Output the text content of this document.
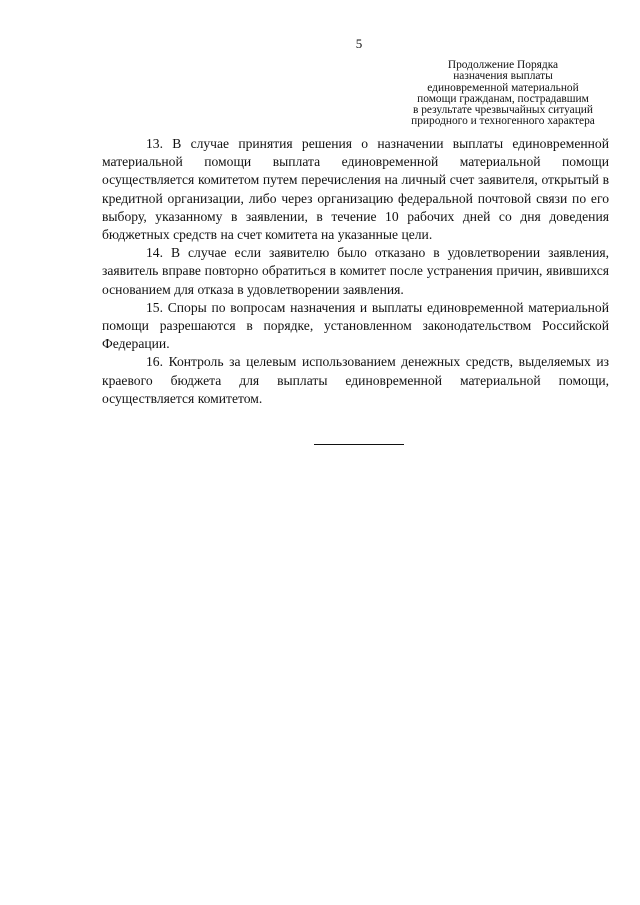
5
Продолжение Порядка
назначения выплаты
единовременной материальной
помощи гражданам, пострадавшим
в результате чрезвычайных ситуаций
природного и техногенного характера

13. В случае принятия решения о назначении выплаты единовременной материальной помощи выплата единовременной материальной помощи осуществляется комитетом путем перечисления на личный счет заявителя, открытый в кредитной организации, либо через организацию федеральной почтовой связи по его выбору, указанному в заявлении, в течение 10 рабочих дней со дня доведения бюджетных средств на счет комитета на указанные цели.

14. В случае если заявителю было отказано в удовлетворении заявления, заявитель вправе повторно обратиться в комитет после устранения причин, явившихся основанием для отказа в удовлетворении заявления.

15. Споры по вопросам назначения и выплаты единовременной материальной помощи разрешаются в порядке, установленном законодательством Российской Федерации.

16. Контроль за целевым использованием денежных средств, выделяемых из краевого бюджета для выплаты единовременной материальной помощи, осуществляется комитетом.
